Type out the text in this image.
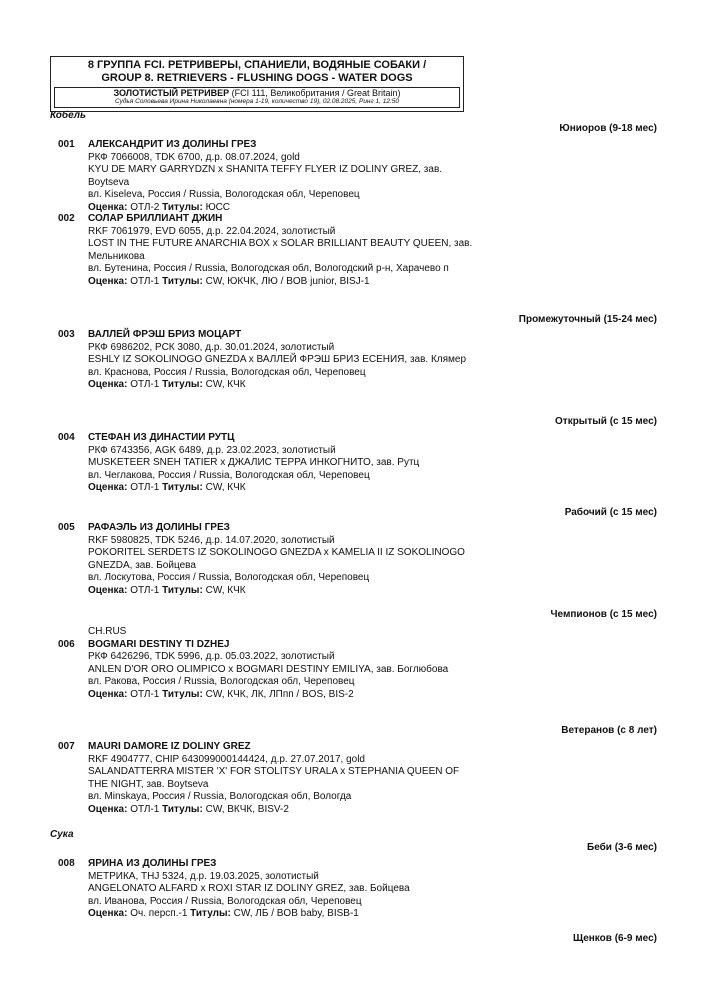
8 ГРУППА FCI. РЕТРИВЕРЫ, СПАНИЕЛИ, ВОДЯНЫЕ СОБАКИ /
GROUP 8. RETRIEVERS - FLUSHING DOGS - WATER DOGS
ЗОЛОТИСТЫЙ РЕТРИВЕР (FCI 111, Великобритания / Great Britain)
Судья Соловьева Ирина Николаевна (номера 1-19, количество 19), 02.08.2025, Ринг 1, 12:50
Кобель
Юниоров (9-18 мес)
001 АЛЕКСАНДРИТ ИЗ ДОЛИНЫ ГРЕЗ
РКФ 7066008, TDK 6700, д.р. 08.07.2024, gold
KYU DE MARY GARRYDZN x SHANITA TEFFY FLYER IZ DOLINY GREZ, зав. Boytseva
вл. Kiseleva, Россия / Russia, Вологодская обл, Череповец
Оценка: ОТЛ-2 Титулы: ЮСС
002 СОЛАР БРИЛЛИАНТ ДЖИН
RKF 7061979, EVD 6055, д.р. 22.04.2024, золотистый
LOST IN THE FUTURE ANARCHIA BOX x SOLAR BRILLIANT BEAUTY QUEEN, зав. Мельникова
вл. Бутенина, Россия / Russia, Вологодская обл, Вологодский р-н, Харачево п
Оценка: ОТЛ-1 Титулы: CW, ЮКЧК, ЛЮ / BOB junior, BISJ-1
Промежуточный (15-24 мес)
003 ВАЛЛЕЙ ФРЭШ БРИЗ МОЦАРТ
РКФ 6986202, РСК 3080, д.р. 30.01.2024, золотистый
ESHLY IZ SOKOLINOGO GNEZDA x ВАЛЛЕЙ ФРЭШ БРИЗ ЕСЕНИЯ, зав. Клямер
вл. Краснова, Россия / Russia, Вологодская обл, Череповец
Оценка: ОТЛ-1 Титулы: CW, КЧК
Открытый (с 15 мес)
004 СТЕФАН ИЗ ДИНАСТИИ РУТЦ
РКФ 6743356, AGK 6489, д.р. 23.02.2023, золотистый
MUSKETEER SNEH TATIER x ДЖАЛИС ТЕРРА ИНКОГНИТО, зав. Рутц
вл. Чеглакова, Россия / Russia, Вологодская обл, Череповец
Оценка: ОТЛ-1 Титулы: CW, КЧК
Рабочий (с 15 мес)
005 РАФАЭЛЬ ИЗ ДОЛИНЫ ГРЕЗ
RKF 5980825, TDK 5246, д.р. 14.07.2020, золотистый
POKORITEL SERDETS IZ SOKOLINOGO GNEZDA x KAMELIA II IZ SOKOLINOGO GNEZDA, зав. Бойцева
вл. Лоскутова, Россия / Russia, Вологодская обл, Череповец
Оценка: ОТЛ-1 Титулы: CW, КЧК
Чемпионов (с 15 мес)
CH.RUS
006 BOGMARI DESTINY TI DZHEJ
РКФ 6426296, TDK 5996, д.р. 05.03.2022, золотистый
ANLEN D'OR ORO OLIMPICO x BOGMARI DESTINY EMILIYA, зав. Боглюбова
вл. Ракова, Россия / Russia, Вологодская обл, Череповец
Оценка: ОТЛ-1 Титулы: CW, КЧК, ЛК, ЛПпп / BOS, BIS-2
Ветеранов (с 8 лет)
007 MAURI DAMORE IZ DOLINY GREZ
RKF 4904777, CHIP 643099000144424, д.р. 27.07.2017, gold
SALANDATTERRA MISTER 'X' FOR STOLITSY URALA x STEPHANIA QUEEN OF THE NIGHT, зав. Boytseva
вл. Minskaya, Россия / Russia, Вологодская обл, Вологда
Оценка: ОТЛ-1 Титулы: CW, ВКЧК, BISV-2
Сука
Беби (3-6 мес)
008 ЯРИНА ИЗ ДОЛИНЫ ГРЕЗ
МЕТРИКА, THJ 5324, д.р. 19.03.2025, золотистый
ANGELONATO ALFARD x ROXI STAR IZ DOLINY GREZ, зав. Бойцева
вл. Иванова, Россия / Russia, Вологодская обл, Череповец
Оценка: Оч. персп.-1 Титулы: CW, ЛБ / BOB baby, BISB-1
Щенков (6-9 мес)
